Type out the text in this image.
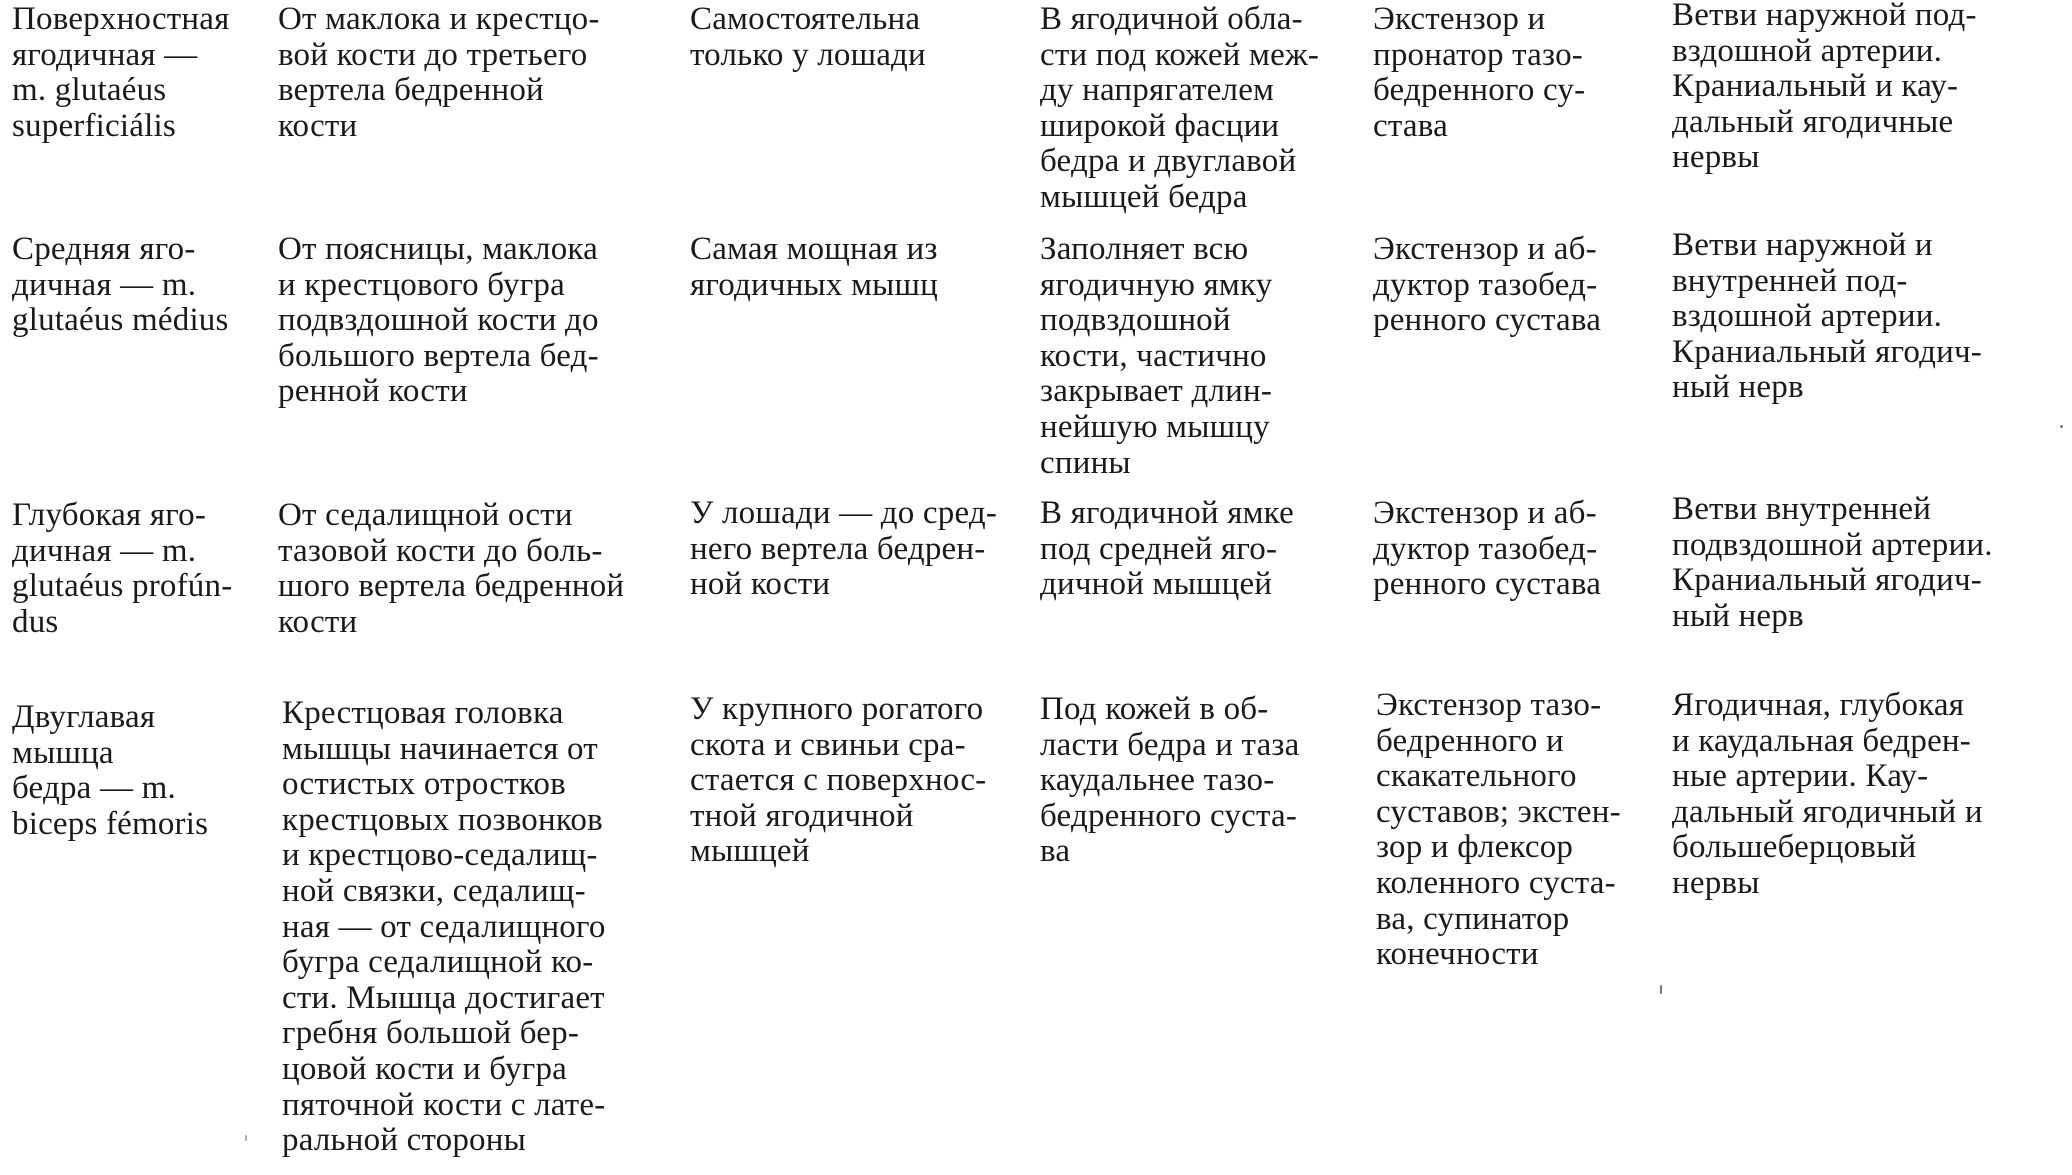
Поверхностная
ягодичная —
m. glutaéus
superficiális
От маклока и крестцо-
вой кости до третьего
вертела бедренной
кости
Самостоятельна
только у лошади
В ягодичной обла-
сти под кожей меж-
ду напрягателем
широкой фасции
бедра и двуглавой
мышцей бедра
Экстензор и
пронатор тазо-
бедренного су-
става
Ветви наружной под-
вздошной артерии.
Краниальный и кау-
дальный ягодичные
нервы
Средняя яго-
дичная — m.
glutaéus médius
От поясницы, маклока
и крестцового бугра
подвздошной кости до
большого вертела бед-
ренной кости
Самая мощная из
ягодичных мышц
Заполняет всю
ягодичную ямку
подвздошной
кости, частично
закрывает длин-
нейшую мышцу
спины
Экстензор и аб-
дуктор тазобед-
ренного сустава
Ветви наружной и
внутренней под-
вздошной артерии.
Краниальный ягодич-
ный нерв
Глубокая яго-
дичная — m.
glutaéus profún-
dus
От седалищной ости
тазовой кости до боль-
шого вертела бедренной
кости
У лошади — до сред-
него вертела бедрен-
ной кости
В ягодичной ямке
под средней яго-
дичной мышцей
Экстензор и аб-
дуктор тазобед-
ренного сустава
Ветви внутренней
подвздошной артерии.
Краниальный ягодич-
ный нерв
Двуглавая
мышца
бедра — m.
biceps fémoris
Крестцовая головка
мышцы начинается от
остистых отростков
крестцовых позвонков
и крестцово-седалищ-
ной связки, седалищ-
ная — от седалищного
бугра седалищной ко-
сти. Мышца достигает
гребня большой бер-
цовой кости и бугра
пяточной кости с лате-
ральной стороны
У крупного рогатого
скота и свиньи сра-
стается с поверхнос-
тной ягодичной
мышцей
Под кожей в об-
ласти бедра и таза
каудальнее тазо-
бедренного суста-
ва
Экстензор тазо-
бедренного и
скакательного
суставов; экстен-
зор и флексор
коленного суста-
ва, супинатор
конечности
Ягодичная, глубокая
и каудальная бедрен-
ные артерии. Кау-
дальный ягодичный и
большеберцовый
нервы
